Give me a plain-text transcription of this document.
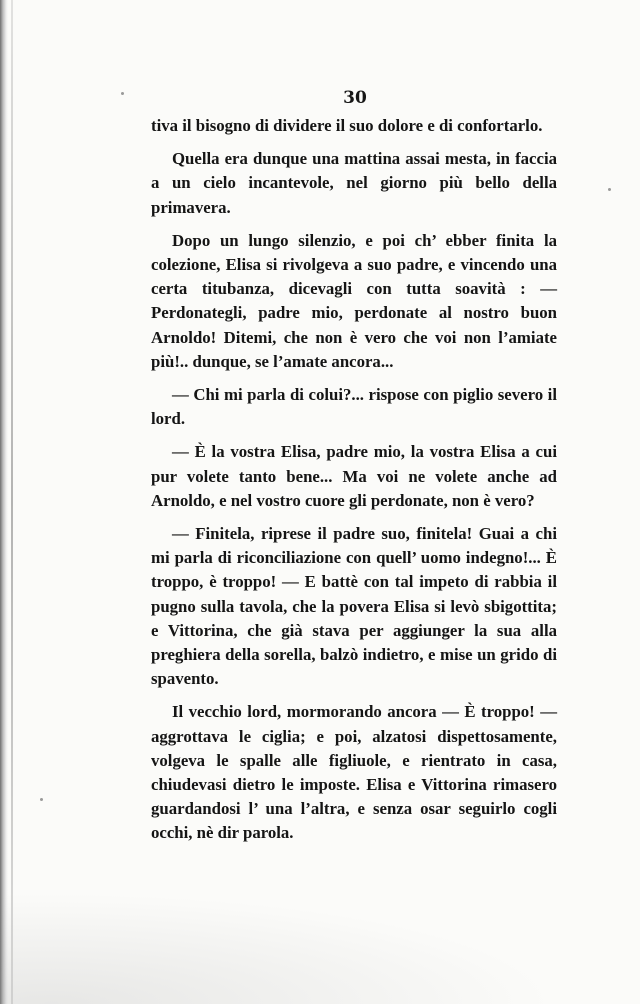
30

tiva il bisogno di dividere il suo dolore e di confortarlo.

Quella era dunque una mattina assai mesta, in faccia a un cielo incantevole, nel giorno più bello della primavera.

Dopo un lungo silenzio, e poi ch’ ebber finita la colezione, Elisa si rivolgeva a suo padre, e vincendo una certa titubanza, dicevagli con tutta soavità : — Perdonategli, padre mio, perdonate al nostro buon Arnoldo! Ditemi, che non è vero che voi non l’amiate più!.. dunque, se l’amate ancora...

— Chi mi parla di colui?... rispose con piglio severo il lord.

— È la vostra Elisa, padre mio, la vostra Elisa a cui pur volete tanto bene... Ma voi ne volete anche ad Arnoldo, e nel vostro cuore gli perdonate, non è vero?

— Finitela, riprese il padre suo, finitela! Guai a chi mi parla di riconciliazione con quell’ uomo indegno!... È troppo, è troppo! — E battè con tal impeto di rabbia il pugno sulla tavola, che la povera Elisa si levò sbigottita; e Vittorina, che già stava per aggiunger la sua alla preghiera della sorella, balzò indietro, e mise un grido di spavento.

Il vecchio lord, mormorando ancora — È troppo! — aggrottava le ciglia; e poi, alzatosi dispettosamente, volgeva le spalle alle figliuole, e rientrato in casa, chiudevasi dietro le imposte. Elisa e Vittorina rimasero guardandosi l’ una l’altra, e senza osar seguirlo cogli occhi, nè dir parola.
